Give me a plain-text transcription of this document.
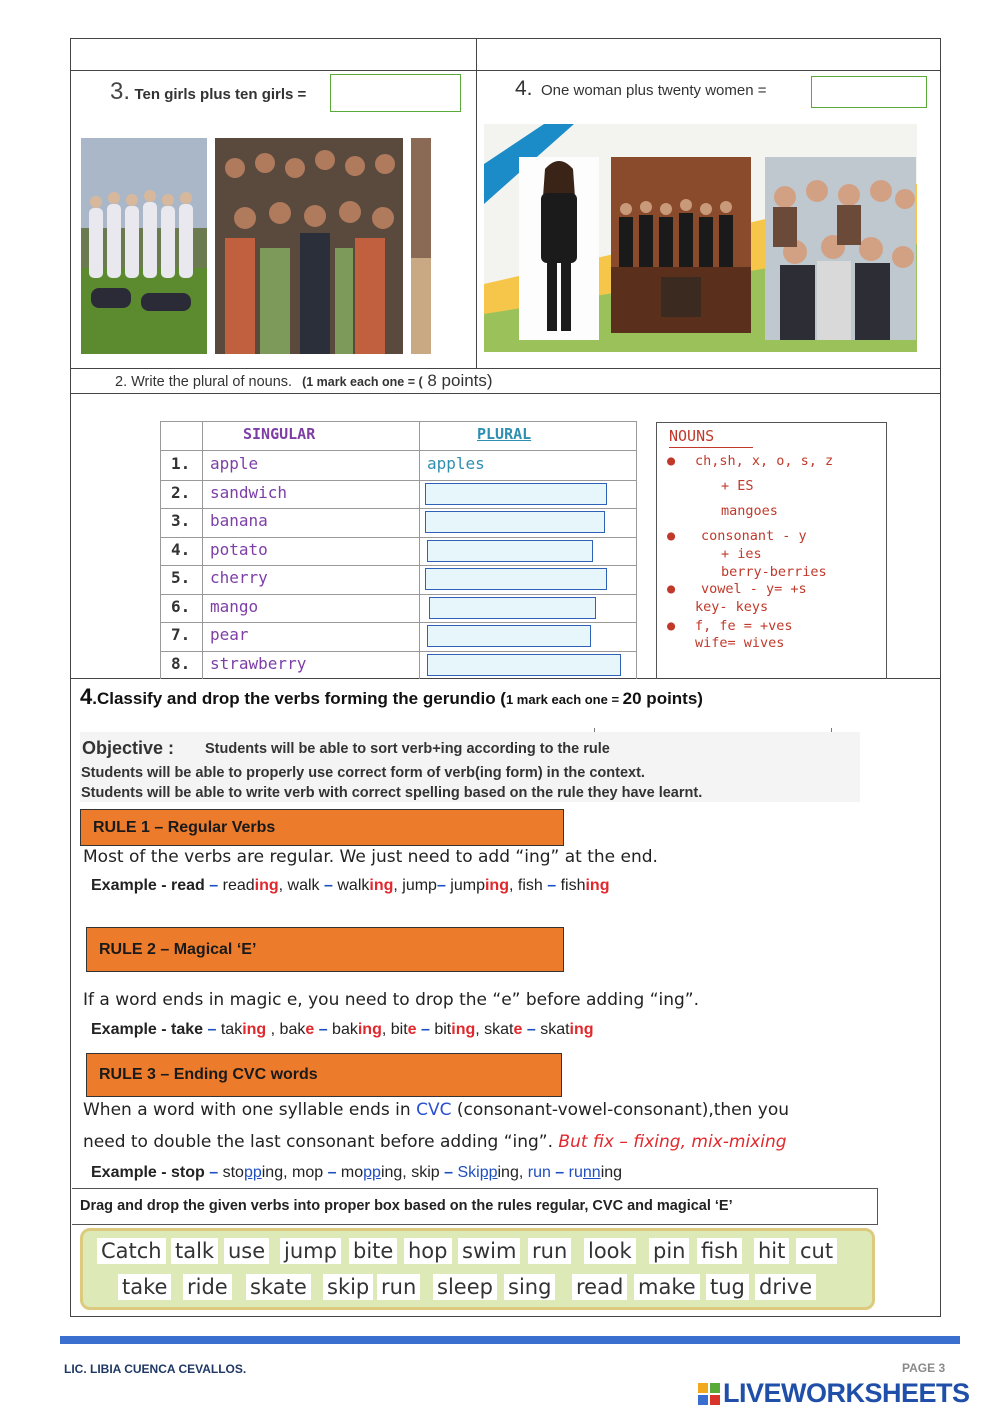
3. Ten girls plus ten girls =	4. One woman plus twenty women =
2. Write the plural of nouns. (1 mark each one = ( 8 points)
SINGULAR	PLURAL
1. apple	apples
2. sandwich
3. banana
4. potato
5. cherry
6. mango
7. pear
8. strawberry
NOUNS
● ch,sh, x, o, s, z
+ ES
mangoes
● consonant - y
+ ies
berry-berries
● vowel - y= +s
key- keys
● f, fe = +ves
wife= wives
4.Classify and drop the verbs forming the gerundio (1 mark each one = 20 points)
Objective : Students will be able to sort verb+ing according to the rule
Students will be able to properly use correct form of verb(ing form) in the context.
Students will be able to write verb with correct spelling based on the rule they have learnt.
RULE 1 – Regular Verbs
Most of the verbs are regular. We just need to add “ing” at the end.
Example - read – reading, walk – walking, jump– jumping, fish – fishing
RULE 2 – Magical ‘E’
If a word ends in magic e, you need to drop the “e” before adding “ing”.
Example - take – taking , bake – baking, bite – biting, skate – skating
RULE 3 – Ending CVC words
When a word with one syllable ends in CVC (consonant-vowel-consonant),then you
need to double the last consonant before adding “ing”. But fix – fixing, mix-mixing
Example - stop – stopping, mop – mopping, skip – Skipping, run – running
Drag and drop the given verbs into proper box based on the rules regular, CVC and magical ‘E’
Catch talk use jump bite hop swim run look pin fish hit cut
take ride skate skip run sleep sing read make tug drive
LIC. LIBIA CUENCA CEVALLOS.	PAGE 3
LIVEWORKSHEETS
